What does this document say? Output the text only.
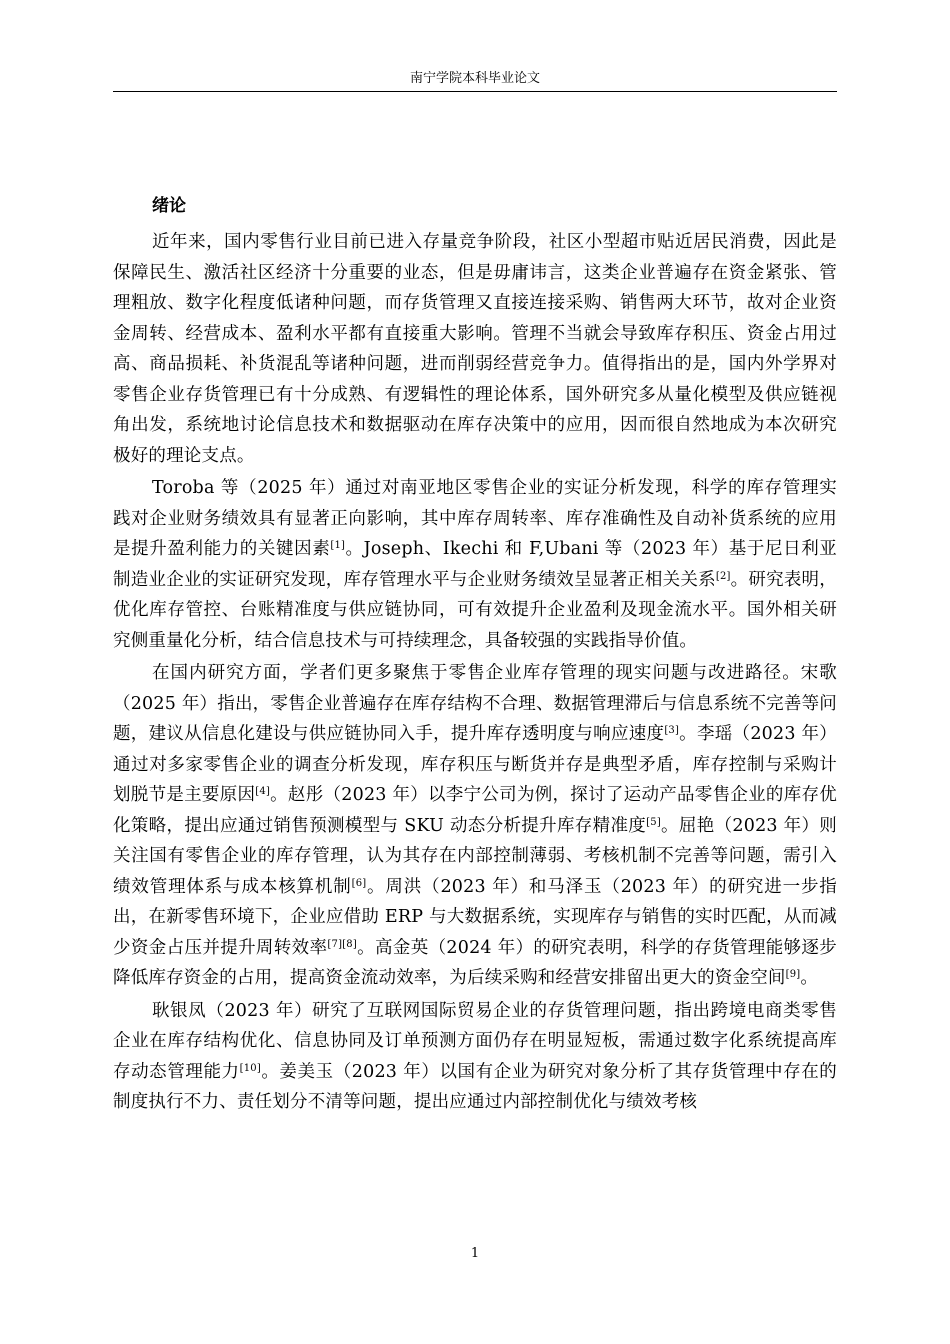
南宁学院本科毕业论文
绪论

近年来，国内零售行业目前已进入存量竞争阶段，社区小型超市贴近居民消费，因此是保障民生、激活社区经济十分重要的业态，但是毋庸讳言，这类企业普遍存在资金紧张、管理粗放、数字化程度低诸种问题，而存货管理又直接连接采购、销售两大环节，故对企业资金周转、经营成本、盈利水平都有直接重大影响。管理不当就会导致库存积压、资金占用过高、商品损耗、补货混乱等诸种问题，进而削弱经营竞争力。值得指出的是，国内外学界对零售企业存货管理已有十分成熟、有逻辑性的理论体系，国外研究多从量化模型及供应链视角出发，系统地讨论信息技术和数据驱动在库存决策中的应用，因而很自然地成为本次研究极好的理论支点。

Toroba 等（2025 年）通过对南亚地区零售企业的实证分析发现，科学的库存管理实践对企业财务绩效具有显著正向影响，其中库存周转率、库存准确性及自动补货系统的应用是提升盈利能力的关键因素[1]。Joseph、Ikechi 和 F,Ubani 等（2023 年）基于尼日利亚制造业企业的实证研究发现，库存管理水平与企业财务绩效呈显著正相关关系[2]。研究表明，优化库存管控、台账精准度与供应链协同，可有效提升企业盈利及现金流水平。国外相关研究侧重量化分析，结合信息技术与可持续理念，具备较强的实践指导价值。

在国内研究方面，学者们更多聚焦于零售企业库存管理的现实问题与改进路径。宋歌（2025 年）指出，零售企业普遍存在库存结构不合理、数据管理滞后与信息系统不完善等问题，建议从信息化建设与供应链协同入手，提升库存透明度与响应速度[3]。李瑶（2023 年）通过对多家零售企业的调查分析发现，库存积压与断货并存是典型矛盾，库存控制与采购计划脱节是主要原因[4]。赵彤（2023 年）以李宁公司为例，探讨了运动产品零售企业的库存优化策略，提出应通过销售预测模型与 SKU 动态分析提升库存精准度[5]。屈艳（2023 年）则关注国有零售企业的库存管理，认为其存在内部控制薄弱、考核机制不完善等问题，需引入绩效管理体系与成本核算机制[6]。周洪（2023 年）和马泽玉（2023 年）的研究进一步指出，在新零售环境下，企业应借助 ERP 与大数据系统，实现库存与销售的实时匹配，从而减少资金占压并提升周转效率[7][8]。高金英（2024 年）的研究表明，科学的存货管理能够逐步降低库存资金的占用，提高资金流动效率，为后续采购和经营安排留出更大的资金空间[9]。

耿银凤（2023 年）研究了互联网国际贸易企业的存货管理问题，指出跨境电商类零售企业在库存结构优化、信息协同及订单预测方面仍存在明显短板，需通过数字化系统提高库存动态管理能力[10]。姜美玉（2023 年）以国有企业为研究对象分析了其存货管理中存在的制度执行不力、责任划分不清等问题，提出应通过内部控制优化与绩效考核

1
